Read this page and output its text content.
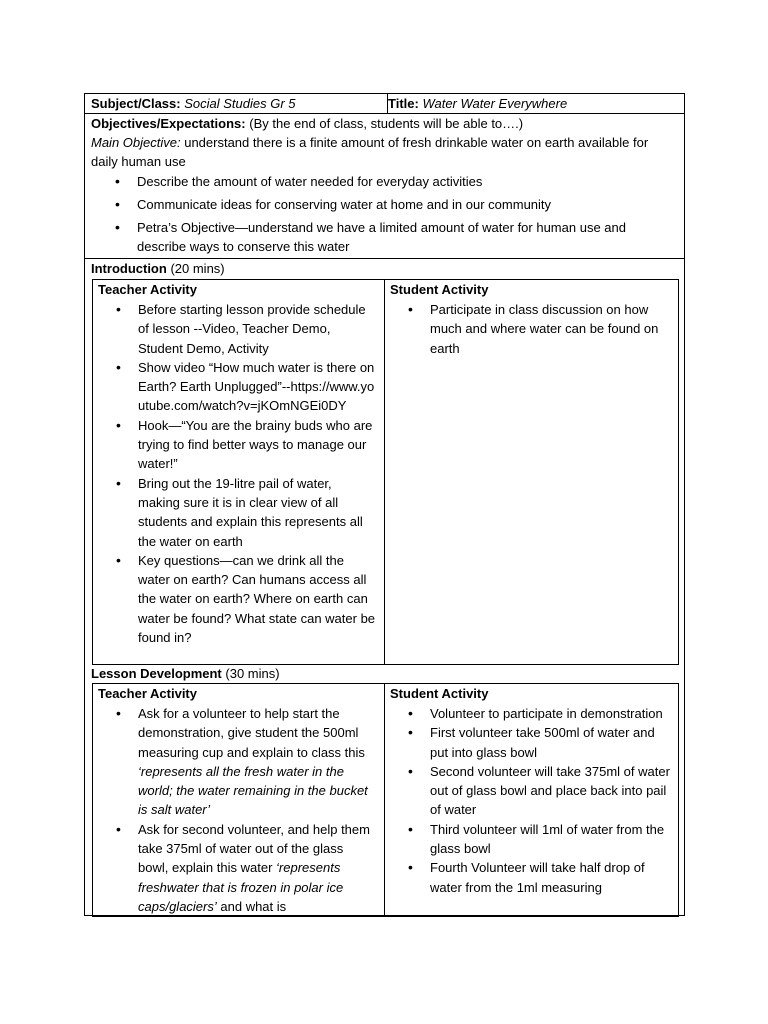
Subject/Class: Social Studies Gr 5	Title: Water Water Everywhere

Objectives/Expectations: (By the end of class, students will be able to….)

Main Objective: understand there is a finite amount of fresh drinkable water on earth available for daily human use

• Describe the amount of water needed for everyday activities
• Communicate ideas for conserving water at home and in our community
• Petra’s Objective—understand we have a limited amount of water for human use and describe ways to conserve this water
Introduction (20 mins)
Teacher Activity
• Before starting lesson provide schedule of lesson --Video, Teacher Demo, Student Demo, Activity
• Show video “How much water is there on Earth? Earth Unplugged”--https://www.youtube.com/watch?v=jKOmNGEi0DY
• Hook—“You are the brainy buds who are trying to find better ways to manage our water!”
• Bring out the 19-litre pail of water, making sure it is in clear view of all students and explain this represents all the water on earth
• Key questions—can we drink all the water on earth? Can humans access all the water on earth? Where on earth can water be found? What state can water be found in?
Student Activity
• Participate in class discussion on how much and where water can be found on earth
Lesson Development (30 mins)
Teacher Activity
• Ask for a volunteer to help start the demonstration, give student the 500ml measuring cup and explain to class this ‘represents all the fresh water in the world; the water remaining in the bucket is salt water’
• Ask for second volunteer, and help them take 375ml of water out of the glass bowl, explain this water ‘represents freshwater that is frozen in polar ice caps/glaciers’ and what is
Student Activity
• Volunteer to participate in demonstration
• First volunteer take 500ml of water and put into glass bowl
• Second volunteer will take 375ml of water out of glass bowl and place back into pail of water
• Third volunteer will 1ml of water from the glass bowl
• Fourth Volunteer will take half drop of water from the 1ml measuring
